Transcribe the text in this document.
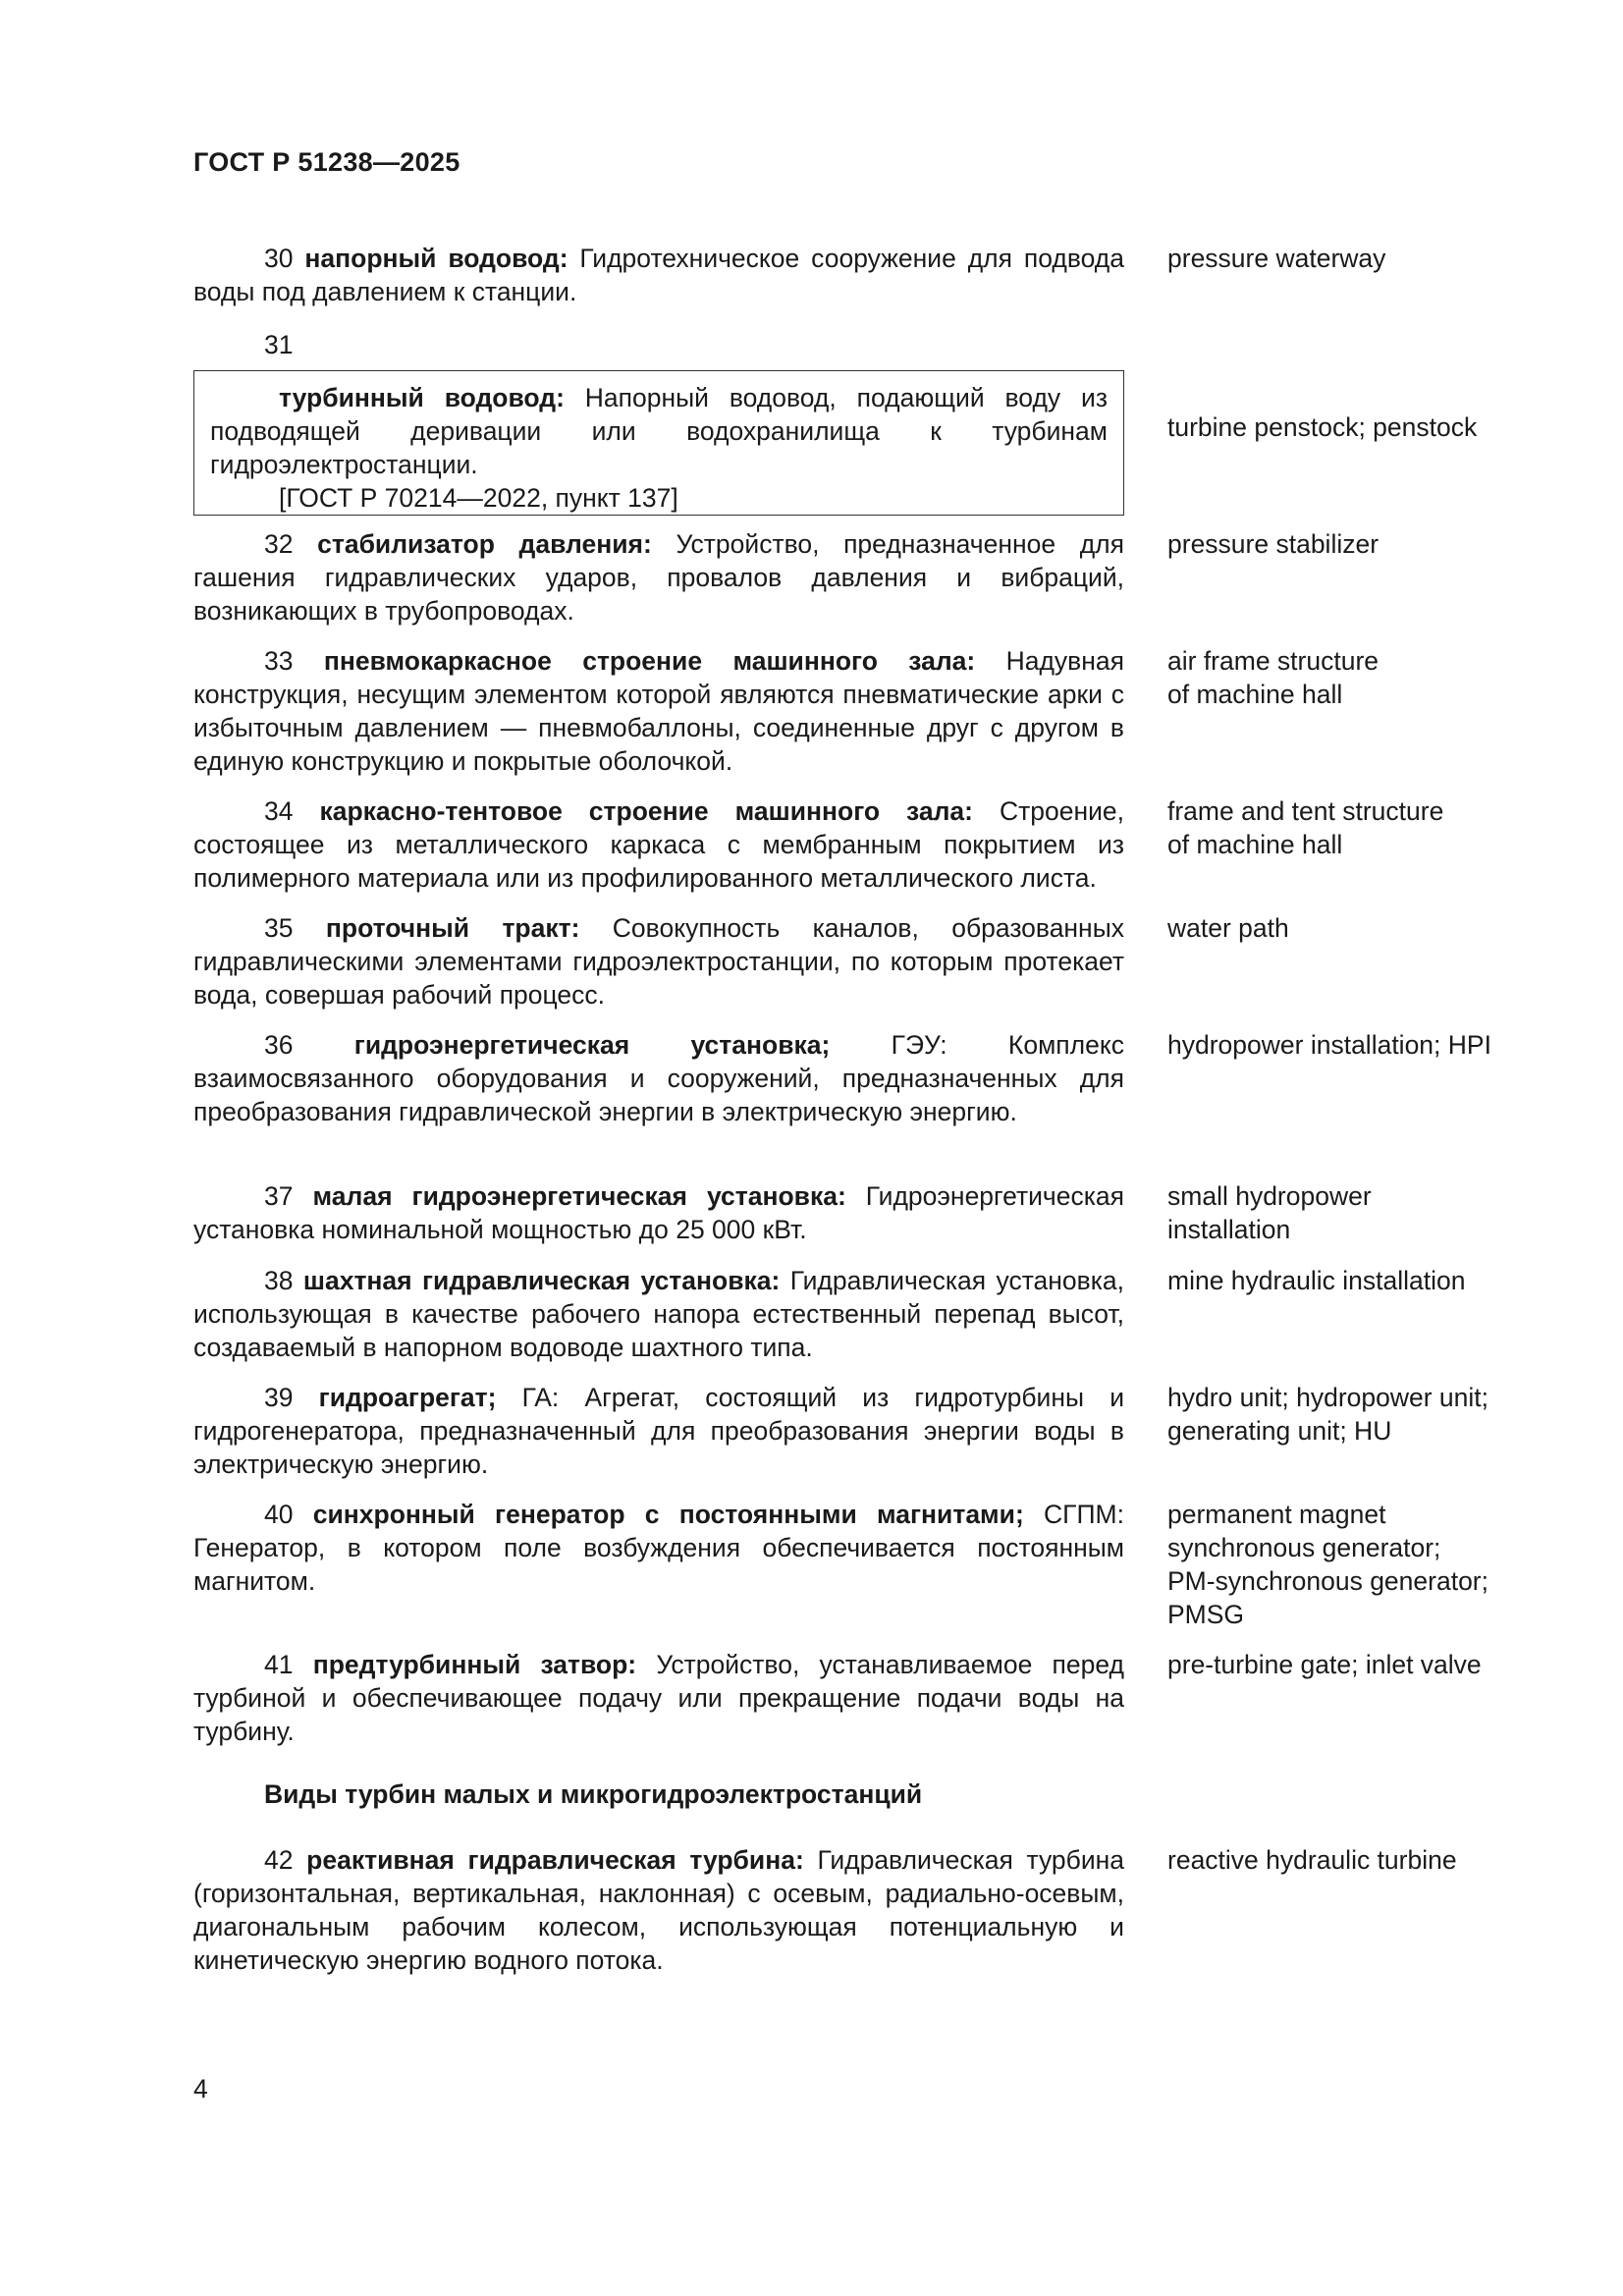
ГОСТ Р 51238—2025
30 напорный водовод: Гидротехническое сооружение для подвода воды под давлением к станции.
pressure waterway
31
турбинный водовод: Напорный водовод, подающий воду из подводящей деривации или водохранилища к турбинам гидроэлектростанции.
[ГОСТ Р 70214—2022, пункт 137]
turbine penstock; penstock
32 стабилизатор давления: Устройство, предназначенное для гашения гидравлических ударов, провалов давления и вибраций, возникающих в трубопроводах.
pressure stabilizer
33 пневмокаркасное строение машинного зала: Надувная конструкция, несущим элементом которой являются пневматические арки с избыточным давлением — пневмобаллоны, соединенные друг с другом в единую конструкцию и покрытые оболочкой.
air frame structure
of machine hall
34 каркасно-тентовое строение машинного зала: Строение, состоящее из металлического каркаса с мембранным покрытием из полимерного материала или из профилированного металлического листа.
frame and tent structure
of machine hall
35 проточный тракт: Совокупность каналов, образованных гидравлическими элементами гидроэлектростанции, по которым протекает вода, совершая рабочий процесс.
water path
36 гидроэнергетическая установка; ГЭУ: Комплекс взаимосвязанного оборудования и сооружений, предназначенных для преобразования гидравлической энергии в электрическую энергию.
hydropower installation; HPI
37 малая гидроэнергетическая установка: Гидроэнергетическая установка номинальной мощностью до 25 000 кВт.
small hydropower
installation
38 шахтная гидравлическая установка: Гидравлическая установка, использующая в качестве рабочего напора естественный перепад высот, создаваемый в напорном водоводе шахтного типа.
mine hydraulic installation
39 гидроагрегат; ГА: Агрегат, состоящий из гидротурбины и гидрогенератора, предназначенный для преобразования энергии воды в электрическую энергию.
hydro unit; hydropower unit;
generating unit; HU
40 синхронный генератор с постоянными магнитами; СГПМ: Генератор, в котором поле возбуждения обеспечивается постоянным магнитом.
permanent magnet
synchronous generator;
PM-synchronous generator;
PMSG
41 предтурбинный затвор: Устройство, устанавливаемое перед турбиной и обеспечивающее подачу или прекращение подачи воды на турбину.
pre-turbine gate; inlet valve
Виды турбин малых и микрогидроэлектростанций
42 реактивная гидравлическая турбина: Гидравлическая турбина (горизонтальная, вертикальная, наклонная) с осевым, радиально-осевым, диагональным рабочим колесом, использующая потенциальную и кинетическую энергию водного потока.
reactive hydraulic turbine
4
